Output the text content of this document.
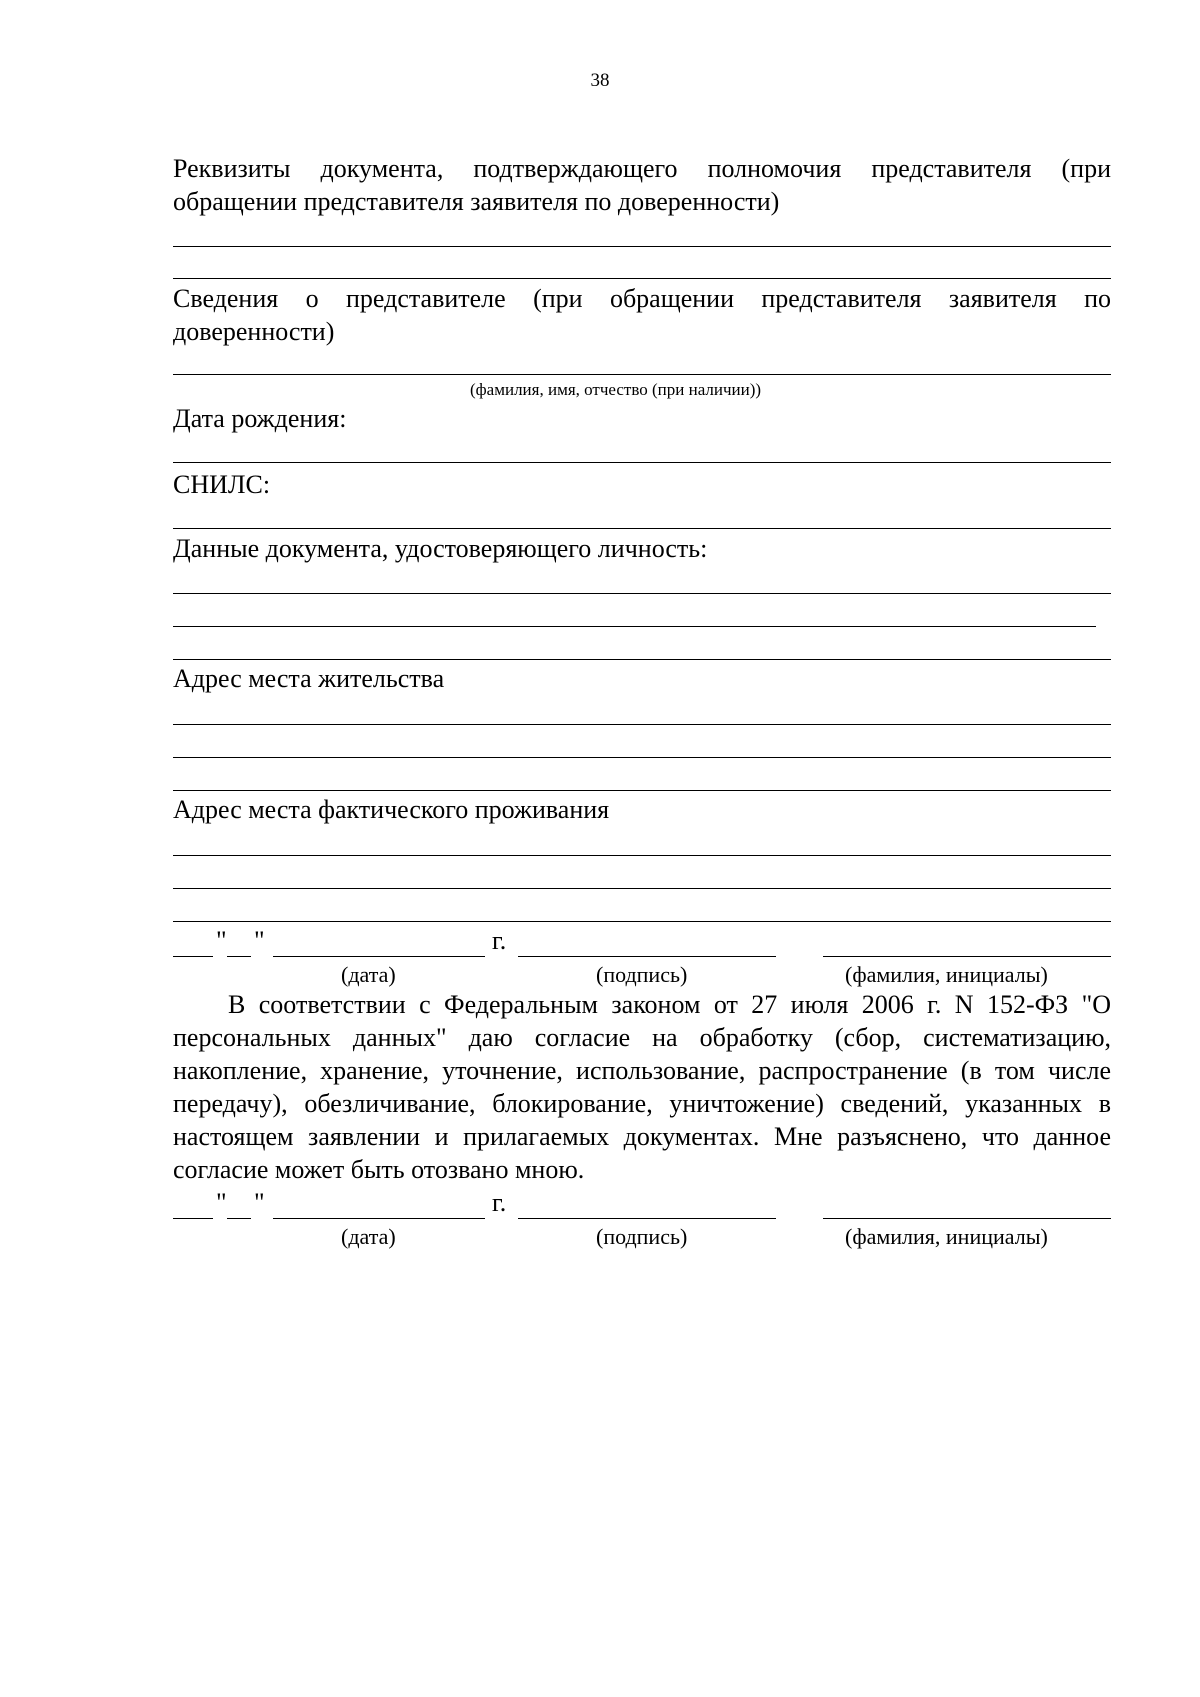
38
Реквизиты документа, подтверждающего полномочия представителя (при обращении представителя заявителя по доверенности)
Сведения о представителе (при обращении представителя заявителя по доверенности)
(фамилия, имя, отчество (при наличии))
Дата рождения:
СНИЛС:
Данные документа, удостоверяющего личность:
Адрес места жительства
Адрес места фактического проживания
" "	г.
(дата)	(подпись)	(фамилия, инициалы)
В соответствии с Федеральным законом от 27 июля 2006 г. N 152-ФЗ "О персональных данных" даю согласие на обработку (сбор, систематизацию, накопление, хранение, уточнение, использование, распространение (в том числе передачу), обезличивание, блокирование, уничтожение) сведений, указанных в настоящем заявлении и прилагаемых документах. Мне разъяснено, что данное согласие может быть отозвано мною.
" "	г.
(дата)	(подпись)	(фамилия, инициалы)
